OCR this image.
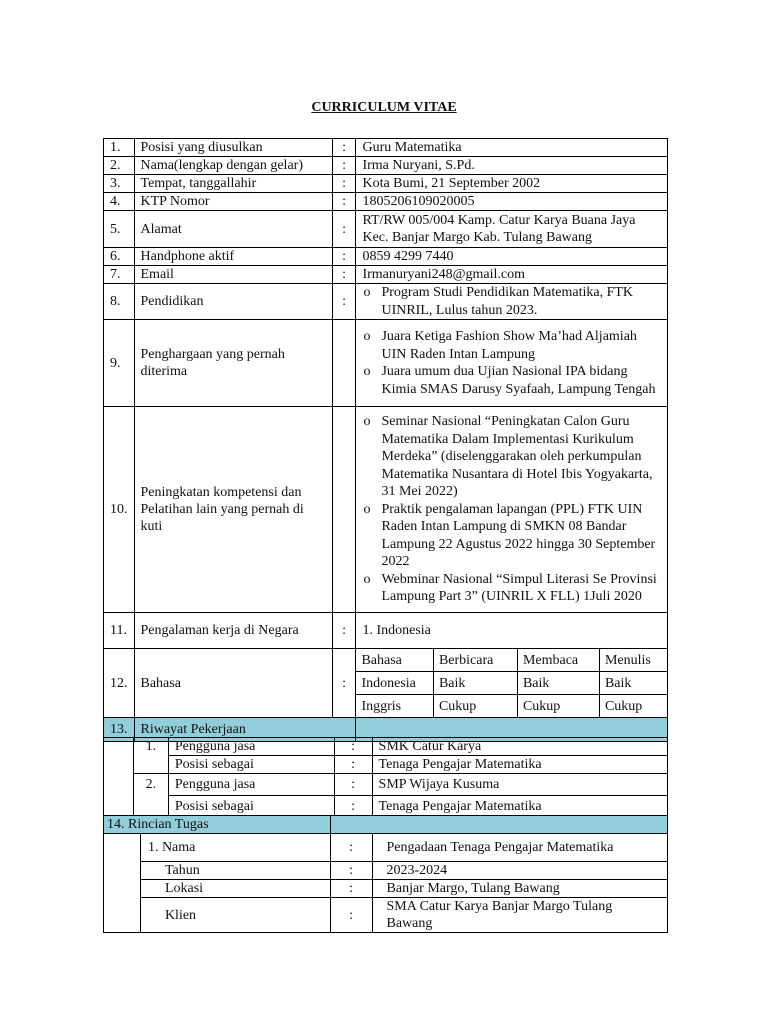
CURRICULUM VITAE
1.	Posisi yang diusulkan	:	Guru Matematika
2.	Nama(lengkap dengan gelar)	:	Irma Nuryani, S.Pd.
3.	Tempat, tanggallahir	:	Kota Bumi, 21 September 2002
4.	KTP Nomor	:	1805206109020005
5.	Alamat	:	RT/RW 005/004 Kamp. Catur Karya Buana Jaya Kec. Banjar Margo Kab. Tulang Bawang
6.	Handphone aktif	:	0859 4299 7440
7.	Email	:	Irmanuryani248@gmail.com
8.	Pendidikan	:	
o Program Studi Pendidikan Matematika, FTK UINRIL, Lulus tahun 2023.

9.	Penghargaan yang pernah diterima		
o Juara Ketiga Fashion Show Ma’had Aljamiah UIN Raden Intan Lampung
o Juara umum dua Ujian Nasional IPA bidang Kimia SMAS Darusy Syafaah, Lampung Tengah

10.	Peningkatan kompetensi dan Pelatihan lain yang pernah di kuti		
o Seminar Nasional “Peningkatan Calon Guru Matematika Dalam Implementasi Kurikulum Merdeka” (diselenggarakan oleh perkumpulan Matematika Nusantara di Hotel Ibis Yogyakarta, 31 Mei 2022)
o Praktik pengalaman lapangan (PPL) FTK UIN Raden Intan Lampung di SMKN 08 Bandar Lampung 22 Agustus 2022 hingga 30 September 2022
o Webminar Nasional “Simpul Literasi Se Provinsi Lampung Part 3” (UINRIL X FLL) 1Juli 2020

11.	Pengalaman kerja di Negara	:	1. Indonesia
12.	Bahasa	:	
Bahasa	Berbicara	Membaca	Menulis
Indonesia	Baik	Baik	Baik
Inggris	Cukup	Cukup	Cukup

13.	Riwayat Pekerjaan	
	1.	Pengguna jasa	:	SMK Catur Karya
		Posisi sebagai	:	Tenaga Pengajar Matematika
	2.	Pengguna jasa	:	SMP Wijaya Kusuma
		Posisi sebagai	:	Tenaga Pengajar Matematika
14. Rincian Tugas			
	1. Nama	:	Pengadaan Tenaga Pengajar Matematika
	Tahun	:	2023-2024
	Lokasi	:	Banjar Margo, Tulang Bawang
	Klien	:	SMA Catur Karya Banjar Margo Tulang Bawang
